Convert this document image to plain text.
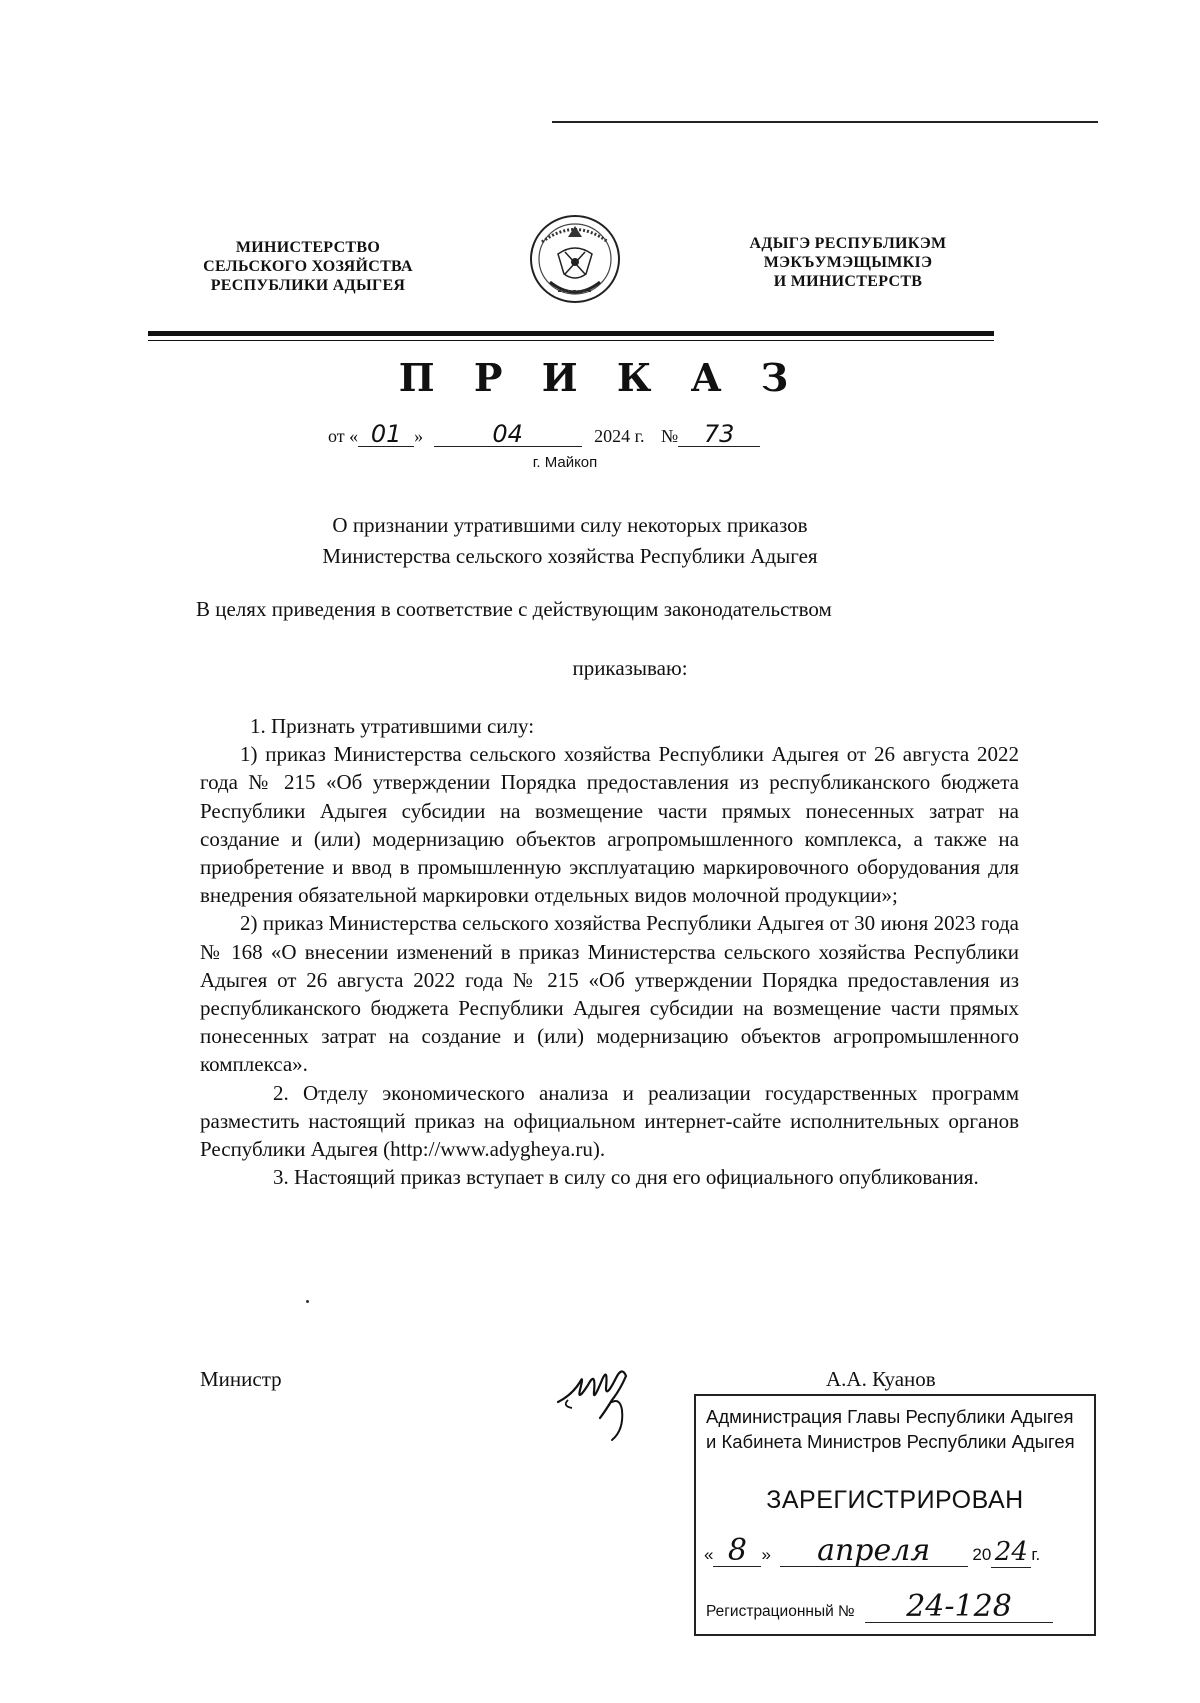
МИНИСТЕРСТВО
СЕЛЬСКОГО ХОЗЯЙСТВА
РЕСПУБЛИКИ АДЫГЕЯ
АДЫГЭ РЕСПУБЛИКЭМ
МЭКЪУМЭЩЫМКIЭ
И МИНИСТЕРСТВ
П Р И К А З
от « 01 »	04	2024 г. № 73
г. Майкоп
О признании утратившими силу некоторых приказов
Министерства сельского хозяйства Республики Адыгея
В целях приведения в соответствие с действующим законодательством
приказываю:

1. Признать утратившими силу:

1) приказ Министерства сельского хозяйства Республики Адыгея от 26 августа 2022 года № 215 «Об утверждении Порядка предоставления из республиканского бюджета Республики Адыгея субсидии на возмещение части прямых понесенных затрат на создание и (или) модернизацию объектов агропромышленного комплекса, а также на приобретение и ввод в промышленную эксплуатацию маркировочного оборудования для внедрения обязательной маркировки отдельных видов молочной продукции»;

2) приказ Министерства сельского хозяйства Республики Адыгея от 30 июня 2023 года № 168 «О внесении изменений в приказ Министерства сельского хозяйства Республики Адыгея от 26 августа 2022 года № 215 «Об утверждении Порядка предоставления из республиканского бюджета Республики Адыгея субсидии на возмещение части прямых понесенных затрат на создание и (или) модернизацию объектов агропромышленного комплекса».

2. Отделу экономического анализа и реализации государственных программ разместить настоящий приказ на официальном интернет-сайте исполнительных органов Республики Адыгея (http://www.adygheya.ru).

3. Настоящий приказ вступает в силу со дня его официального опубликования.

Министр	А.А. Куанов
Администрация Главы Республики Адыгея
и Кабинета Министров Республики Адыгея
ЗАРЕГИСТРИРОВАН
« 8 » апреля 20 24 г.
Регистрационный № 24-128
